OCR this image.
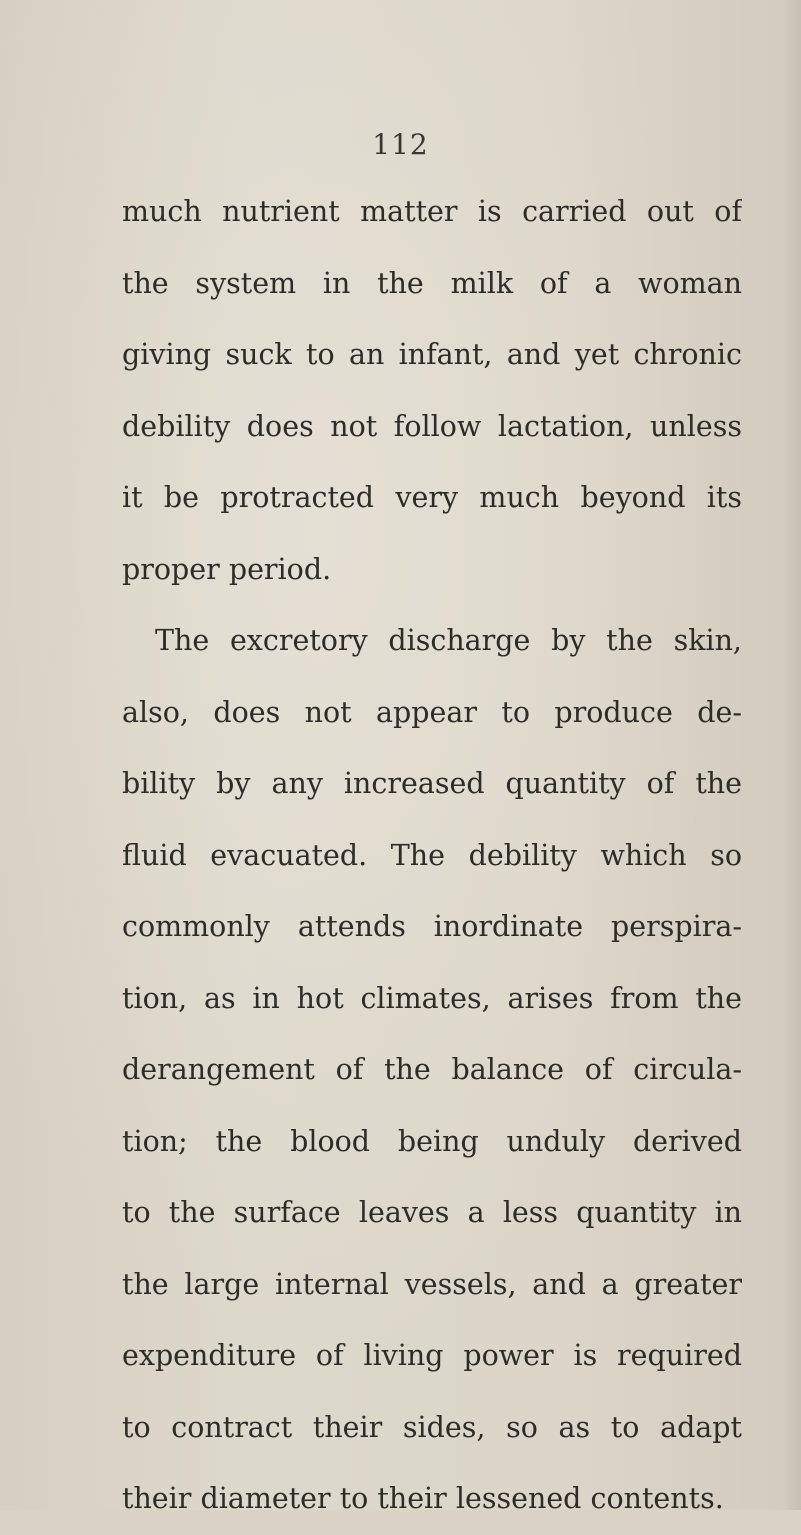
112
much nutrient matter is carried out of
the system in the milk of a woman
giving suck to an infant, and yet chronic
debility does not follow lactation, unless
it be protracted very much beyond its
proper period.
The excretory discharge by the skin,
also, does not appear to produce de-
bility by any increased quantity of the
fluid evacuated. The debility which so
commonly attends inordinate perspira-
tion, as in hot climates, arises from the
derangement of the balance of circula-
tion; the blood being unduly derived
to the surface leaves a less quantity in
the large internal vessels, and a greater
expenditure of living power is required
to contract their sides, so as to adapt
their diameter to their lessened contents.
